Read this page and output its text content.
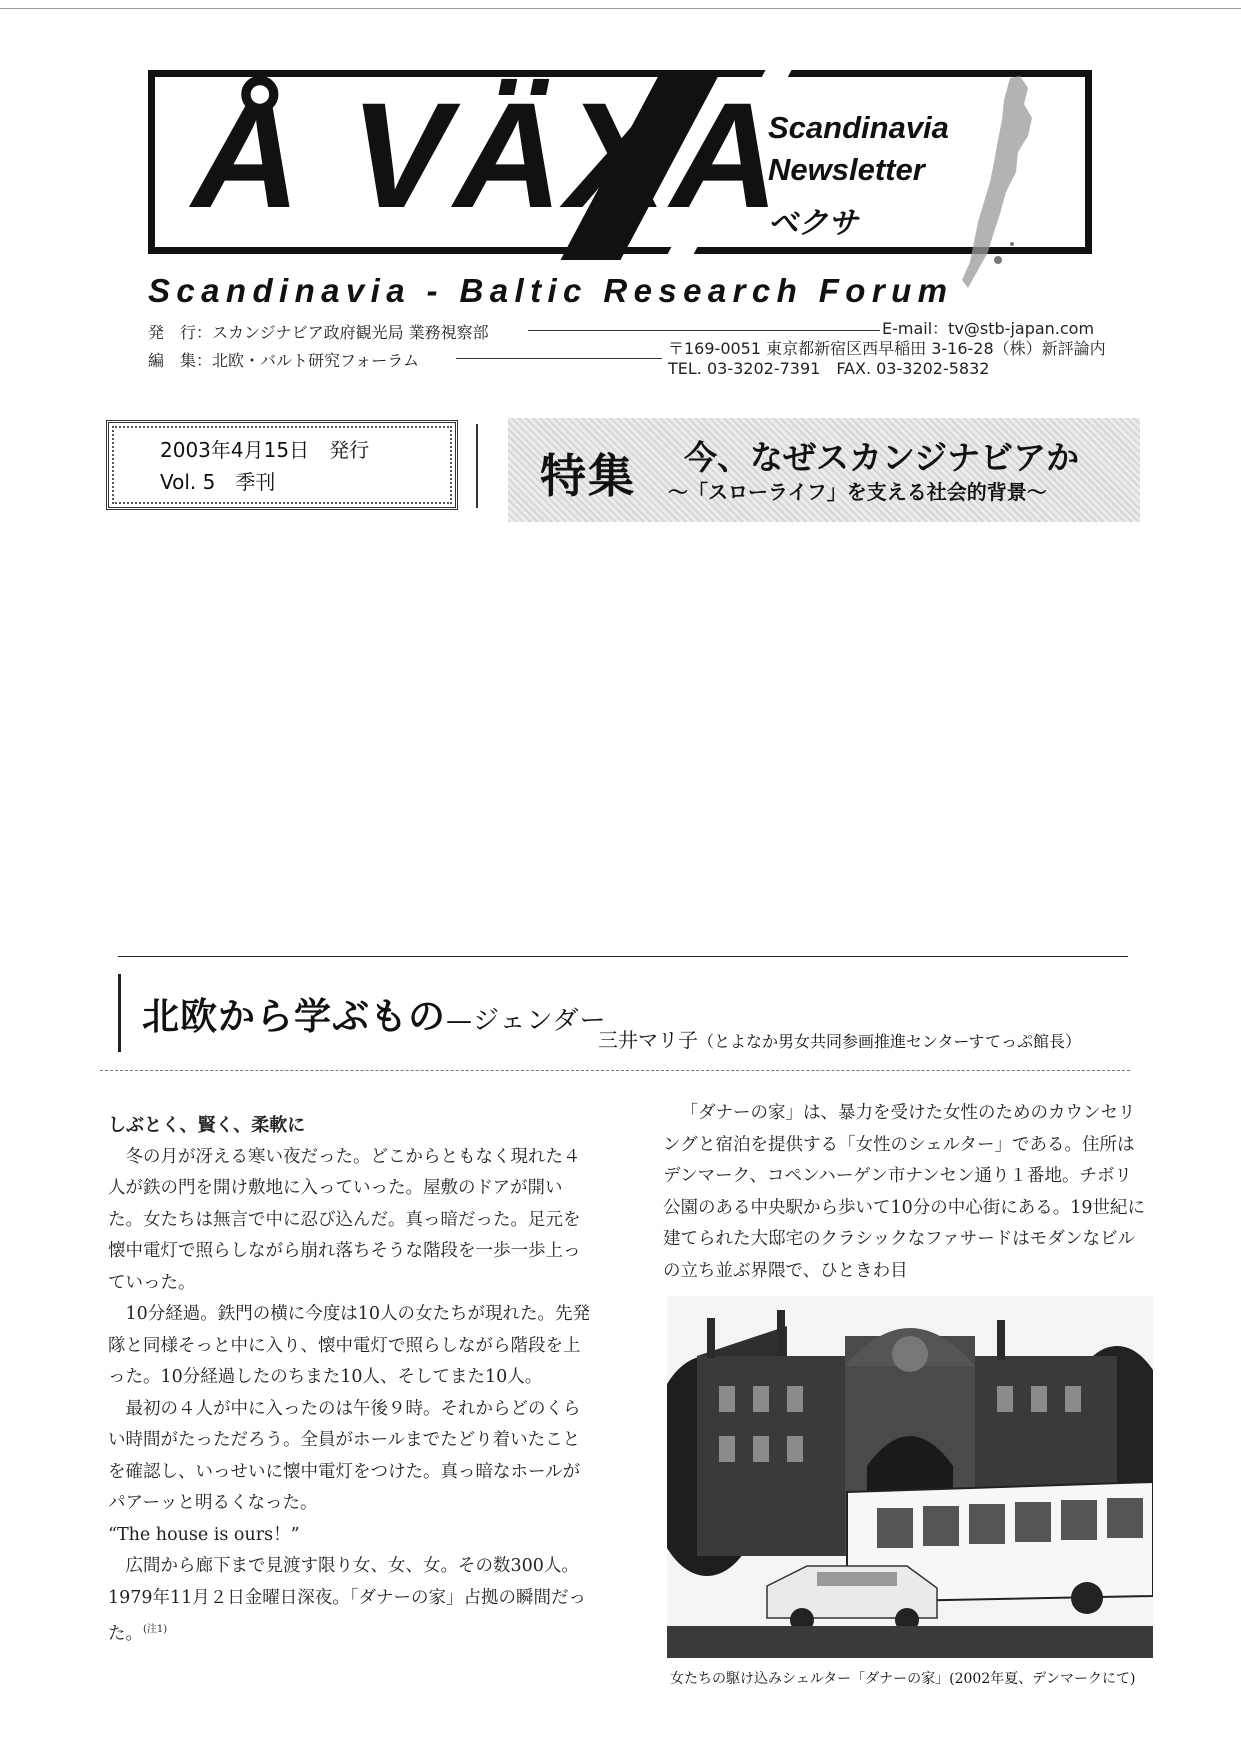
Å VÄXA
Scandinavia
Newsletter
ベクサ
Scandinavia - Baltic Research Forum
発　行：スカンジナビア政府観光局 業務視察部	E-mail：tv@stb-japan.com
編　集：北欧・バルト研究フォーラム
〒169-0051 東京都新宿区西早稲田 3-16-28（株）新評論内
TEL. 03-3202-7391　FAX. 03-3202-5832
2003年4月15日　発行
Vol. 5　季刊	特集 今、なぜスカンジナビアか
～「スローライフ」を支える社会的背景～
北欧から学ぶもの—ジェンダー
三井マリ子（とよなか男女共同参画推進センターすてっぷ館長）

しぶとく、賢く、柔軟に

冬の月が冴える寒い夜だった。どこからともなく現れた４人が鉄の門を開け敷地に入っていった。屋敷のドアが開いた。女たちは無言で中に忍び込んだ。真っ暗だった。足元を懐中電灯で照らしながら崩れ落ちそうな階段を一歩一歩上っていった。

10分経過。鉄門の横に今度は10人の女たちが現れた。先発隊と同様そっと中に入り、懐中電灯で照らしながら階段を上った。10分経過したのちまた10人、そしてまた10人。

最初の４人が中に入ったのは午後９時。それからどのくらい時間がたっただろう。全員がホールまでたどり着いたことを確認し、いっせいに懐中電灯をつけた。真っ暗なホールがパアーッと明るくなった。

“The house is ours！”

広間から廊下まで見渡す限り女、女、女。その数300人。1979年11月２日金曜日深夜。「ダナーの家」占拠の瞬間だった。$^{(注1)}$

「ダナーの家」は、暴力を受けた女性のためのカウンセリングと宿泊を提供する「女性のシェルター」である。住所はデンマーク、コペンハーゲン市ナンセン通り１番地。チボリ公園のある中央駅から歩いて10分の中心街にある。19世紀に建てられた大邸宅のクラシックなファサードはモダンなビルの立ち並ぶ界隈で、ひときわ目

女たちの駆け込みシェルター「ダナーの家」(2002年夏、デンマークにて)
